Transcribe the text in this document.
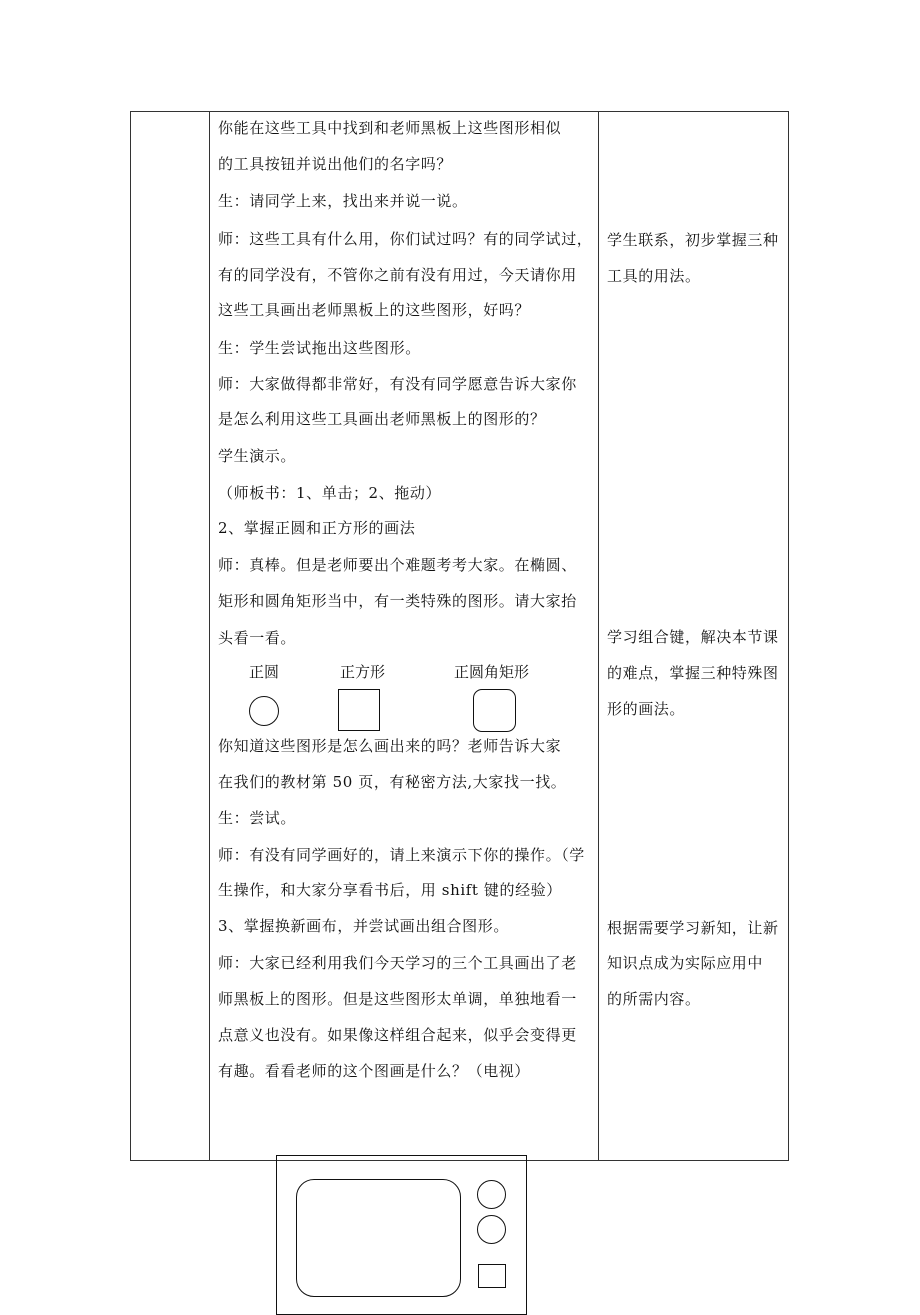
你能在这些工具中找到和老师黑板上这些图形相似
的工具按钮并说出他们的名字吗？
生：请同学上来，找出来并说一说。
师：这些工具有什么用，你们试过吗？有的同学试过，
有的同学没有，不管你之前有没有用过，今天请你用
这些工具画出老师黑板上的这些图形，好吗？
生：学生尝试拖出这些图形。
师：大家做得都非常好，有没有同学愿意告诉大家你
是怎么利用这些工具画出老师黑板上的图形的？
学生演示。
（师板书：1、单击；2、拖动）
2、掌握正圆和正方形的画法
师：真棒。但是老师要出个难题考考大家。在椭圆、
矩形和圆角矩形当中，有一类特殊的图形。请大家抬
头看一看。
正圆	正方形	正圆角矩形
你知道这些图形是怎么画出来的吗？老师告诉大家
在我们的教材第 50 页，有秘密方法,大家找一找。
生：尝试。
师：有没有同学画好的，请上来演示下你的操作。（学
生操作，和大家分享看书后，用 shift 键的经验）
3、掌握换新画布，并尝试画出组合图形。
师：大家已经利用我们今天学习的三个工具画出了老
师黑板上的图形。但是这些图形太单调，单独地看一
点意义也没有。如果像这样组合起来，似乎会变得更
有趣。看看老师的这个图画是什么？（电视）
学生联系，初步掌握三种
工具的用法。
学习组合键，解决本节课
的难点，掌握三种特殊图
形的画法。
根据需要学习新知，让新
知识点成为实际应用中
的所需内容。
